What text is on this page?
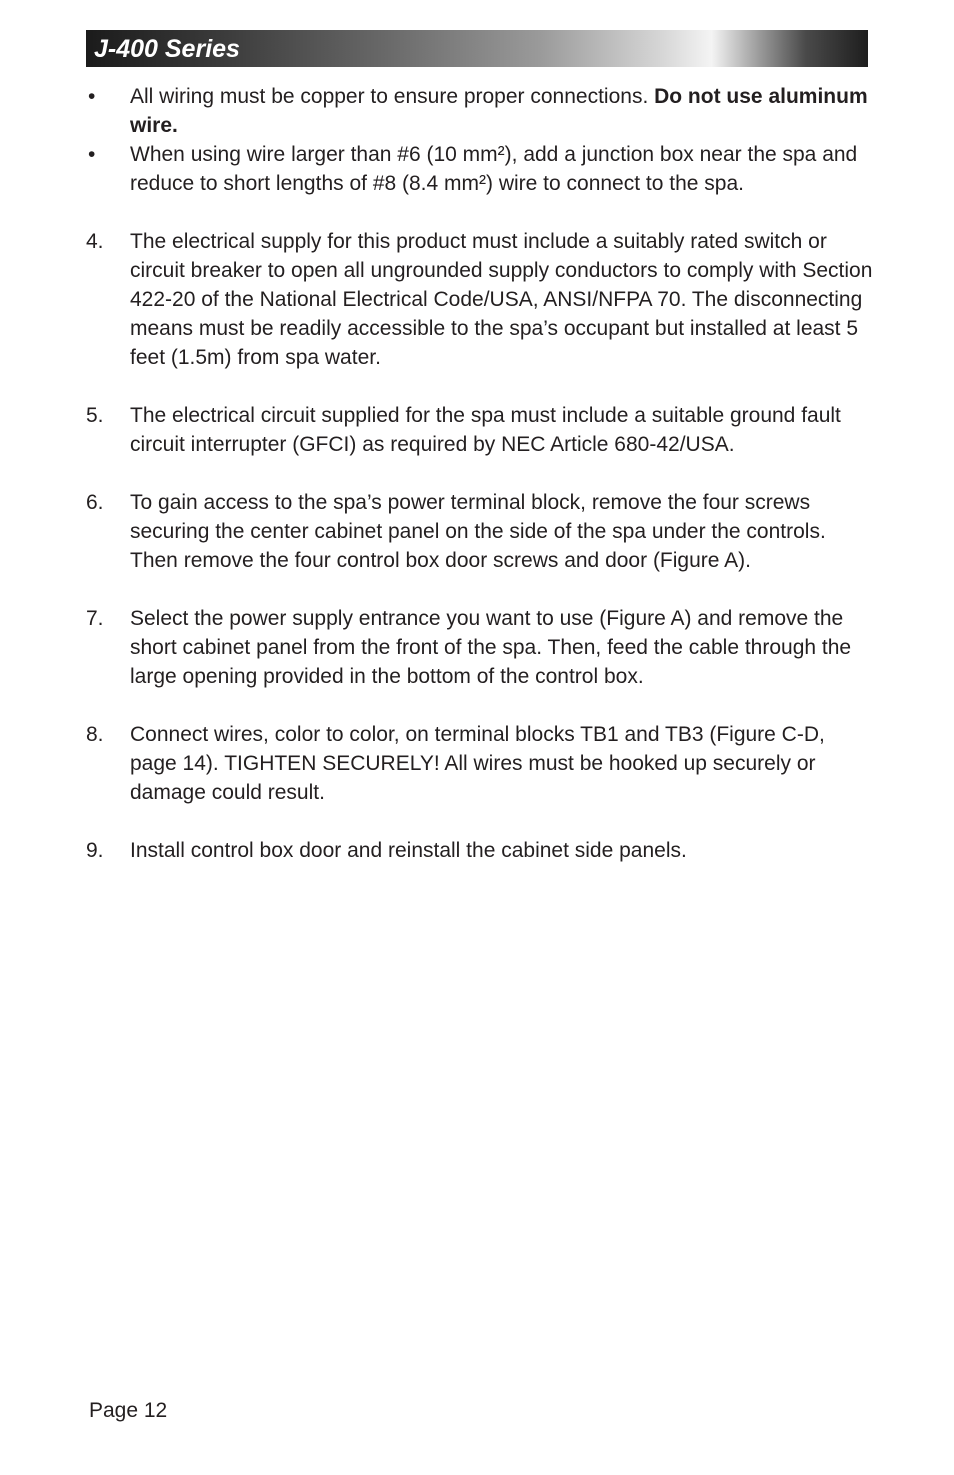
J-400 Series
• All wiring must be copper to ensure proper connections. Do not use aluminum wire.
• When using wire larger than #6 (10 mm²), add a junction box near the spa and reduce to short lengths of #8 (8.4 mm²) wire to connect to the spa.
4. The electrical supply for this product must include a suitably rated switch or circuit breaker to open all ungrounded supply conductors to comply with Section 422-20 of the National Electrical Code/USA, ANSI/NFPA 70. The disconnecting means must be readily accessible to the spa’s occupant but installed at least 5 feet (1.5m) from spa water.
5. The electrical circuit supplied for the spa must include a suitable ground fault circuit interrupter (GFCI) as required by NEC Article 680-42/USA.
6. To gain access to the spa’s power terminal block, remove the four screws securing the center cabinet panel on the side of the spa under the controls. Then remove the four control box door screws and door (Figure A).
7. Select the power supply entrance you want to use (Figure A) and remove the short cabinet panel from the front of the spa. Then, feed the cable through the large opening provided in the bottom of the control box.
8. Connect wires, color to color, on terminal blocks TB1 and TB3 (Figure C-D, page 14). TIGHTEN SECURELY! All wires must be hooked up securely or damage could result.
9. Install control box door and reinstall the cabinet side panels.
Page 12
